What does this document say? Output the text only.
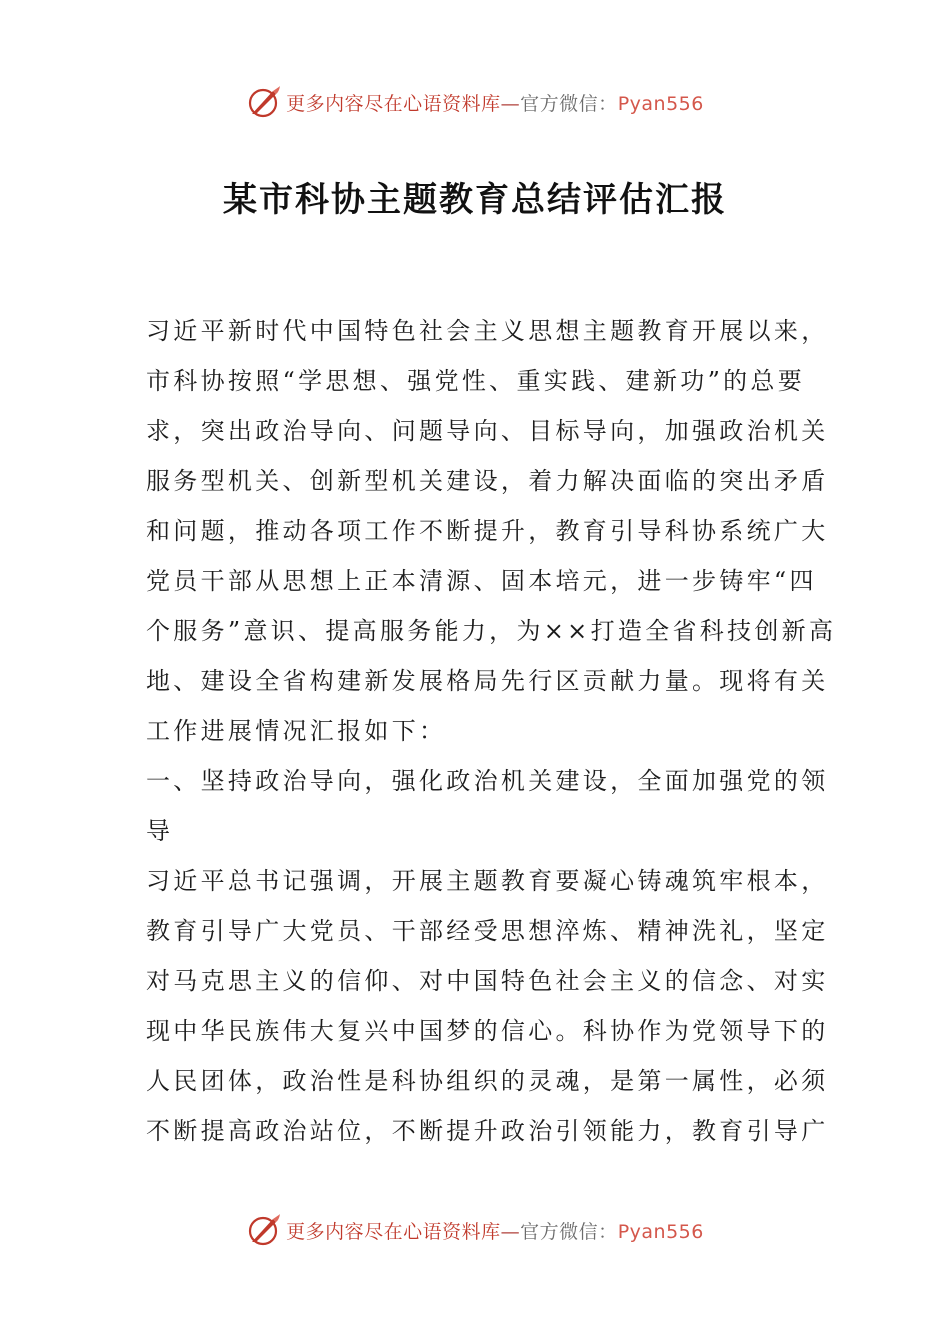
更多内容尽在心语资料库—官方微信：Pyan556
某市科协主题教育总结评估汇报
习近平新时代中国特色社会主义思想主题教育开展以来，
市科协按照“学思想、强党性、重实践、建新功”的总要
求，突出政治导向、问题导向、目标导向，加强政治机关
服务型机关、创新型机关建设，着力解决面临的突出矛盾
和问题，推动各项工作不断提升，教育引导科协系统广大
党员干部从思想上正本清源、固本培元，进一步铸牢“四
个服务”意识、提高服务能力，为××打造全省科技创新高
地、建设全省构建新发展格局先行区贡献力量。现将有关
工作进展情况汇报如下：
一、坚持政治导向，强化政治机关建设，全面加强党的领
导
习近平总书记强调，开展主题教育要凝心铸魂筑牢根本，
教育引导广大党员、干部经受思想淬炼、精神洗礼，坚定
对马克思主义的信仰、对中国特色社会主义的信念、对实
现中华民族伟大复兴中国梦的信心。科协作为党领导下的
人民团体，政治性是科协组织的灵魂，是第一属性，必须
不断提高政治站位，不断提升政治引领能力，教育引导广
更多内容尽在心语资料库—官方微信：Pyan556
